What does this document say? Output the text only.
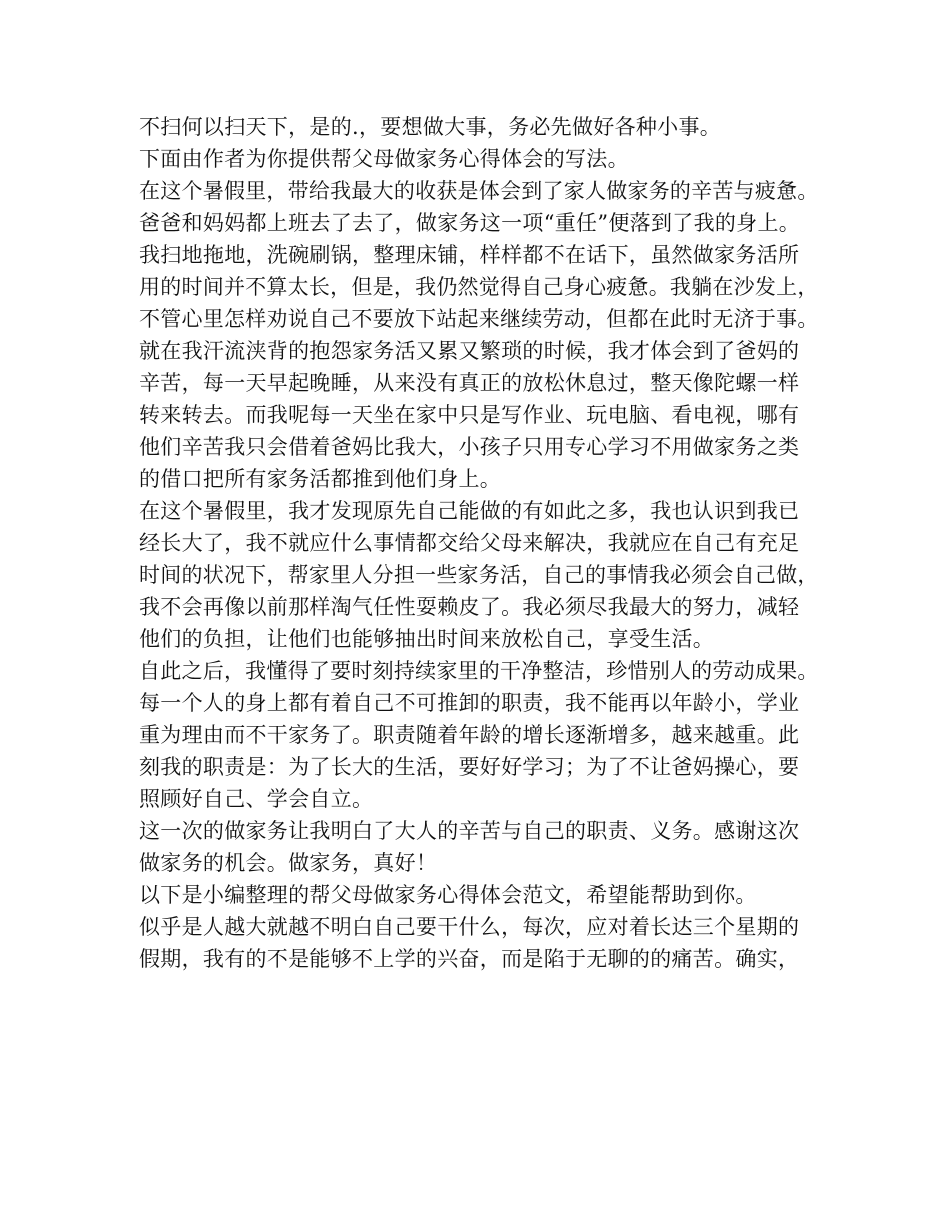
不扫何以扫天下，是的.，要想做大事，务必先做好各种小事。
下面由作者为你提供帮父母做家务心得体会的写法。
在这个暑假里，带给我最大的收获是体会到了家人做家务的辛苦与疲惫。
爸爸和妈妈都上班去了去了，做家务这一项“重任”便落到了我的身上。
我扫地拖地，洗碗刷锅，整理床铺，样样都不在话下，虽然做家务活所
用的时间并不算太长，但是，我仍然觉得自己身心疲惫。我躺在沙发上，
不管心里怎样劝说自己不要放下站起来继续劳动，但都在此时无济于事。
就在我汗流浃背的抱怨家务活又累又繁琐的时候，我才体会到了爸妈的
辛苦，每一天早起晚睡，从来没有真正的放松休息过，整天像陀螺一样
转来转去。而我呢每一天坐在家中只是写作业、玩电脑、看电视，哪有
他们辛苦我只会借着爸妈比我大，小孩子只用专心学习不用做家务之类
的借口把所有家务活都推到他们身上。
在这个暑假里，我才发现原先自己能做的有如此之多，我也认识到我已
经长大了，我不就应什么事情都交给父母来解决，我就应在自己有充足
时间的状况下，帮家里人分担一些家务活，自己的事情我必须会自己做，
我不会再像以前那样淘气任性耍赖皮了。我必须尽我最大的努力，减轻
他们的负担，让他们也能够抽出时间来放松自己，享受生活。
自此之后，我懂得了要时刻持续家里的干净整洁，珍惜别人的劳动成果。
每一个人的身上都有着自己不可推卸的职责，我不能再以年龄小，学业
重为理由而不干家务了。职责随着年龄的增长逐渐增多，越来越重。此
刻我的职责是：为了长大的生活，要好好学习；为了不让爸妈操心，要
照顾好自己、学会自立。
这一次的做家务让我明白了大人的辛苦与自己的职责、义务。感谢这次
做家务的机会。做家务，真好！
以下是小编整理的帮父母做家务心得体会范文，希望能帮助到你。
似乎是人越大就越不明白自己要干什么，每次，应对着长达三个星期的
假期，我有的不是能够不上学的兴奋，而是陷于无聊的的痛苦。确实，
